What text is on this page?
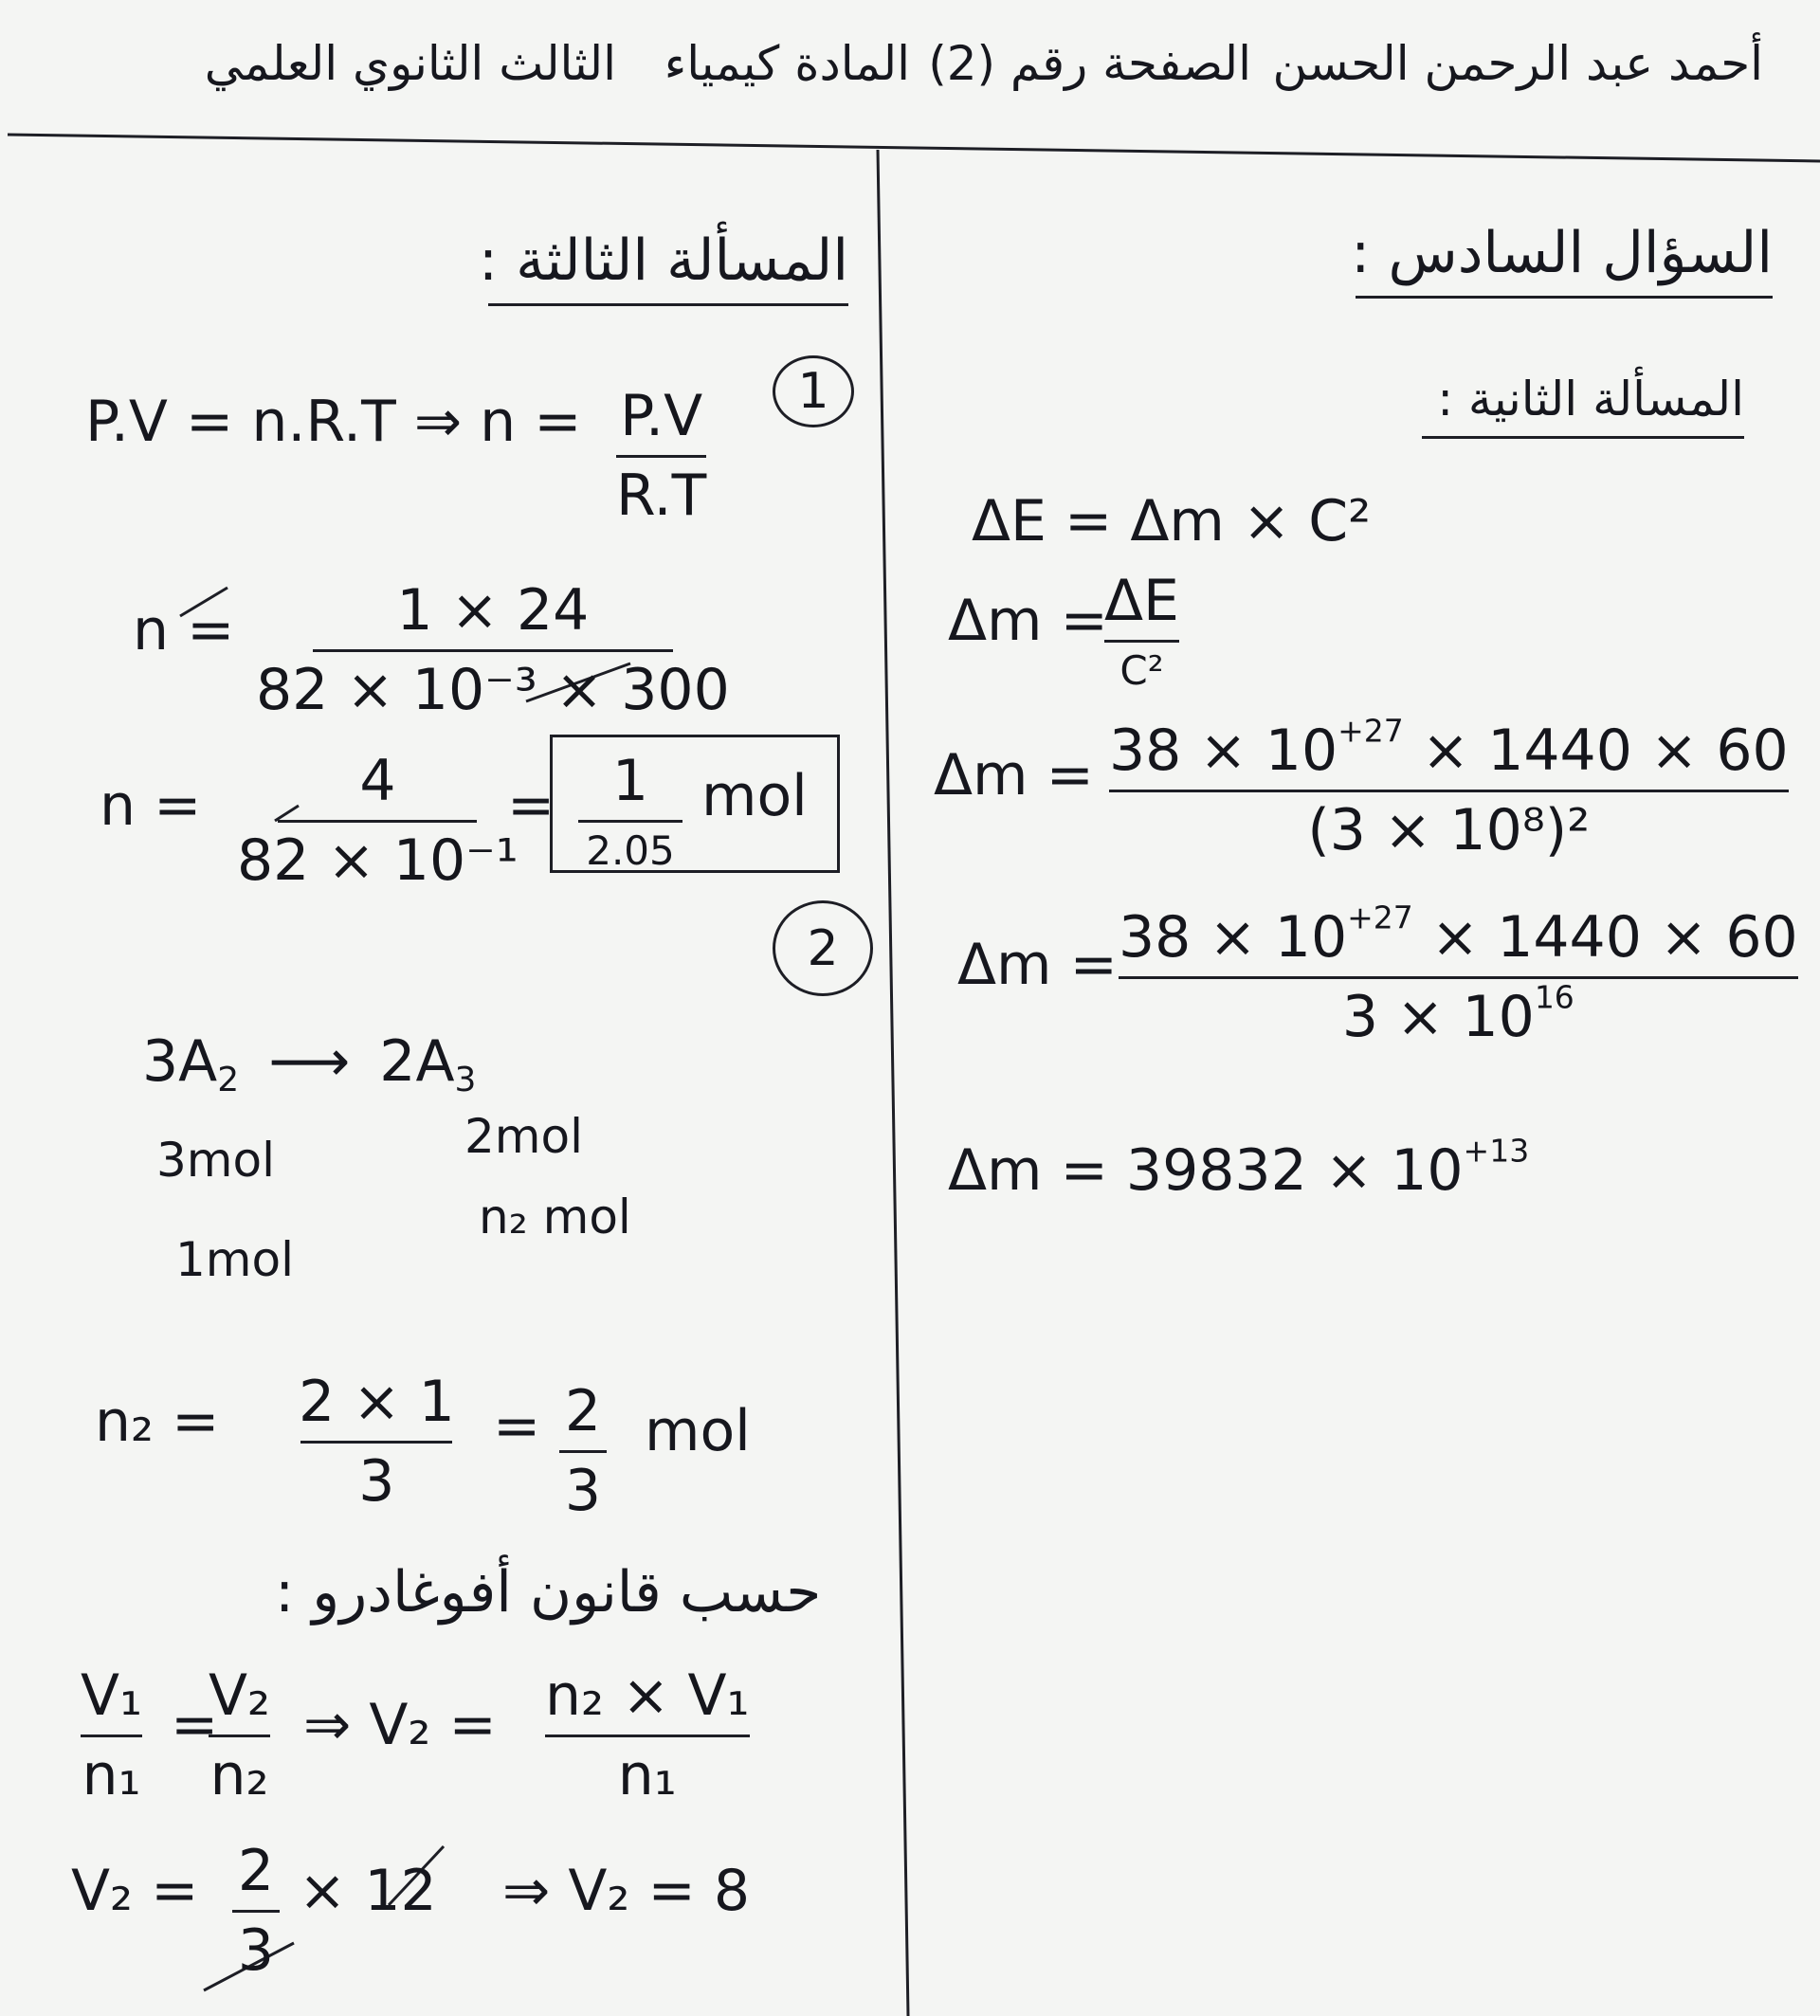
أحمد عبد الرحمن الحسن
الصفحة رقم (2)
المادة كيمياء
الثالث الثانوي العلمي
السؤال السادس :
المسألة الثانية :
ΔE = Δm × C²
Δm =
ΔE
C²
$\Delta m = 38 \times 10^{+27} \times 1440 \times 60$
(3 × 10⁸)²
$\Delta m = 38 \times 10^{+27} \times 1440 \times 60$
$3 \times 10^{16}$
$\Delta m = 39832 \times 10^{+13}$
المسألة الثالثة :
1
P.V = n.R.T ⇒ n = P.V
R.T
n =	1 × 24
82 × 10⁻³ × 300
n =	4
82 × 10⁻¹
= 1
2.05
mol
2
$3A_2$ ⟶ $2A_3$
3mol	2mol
1mol
n₂ mol
n₂ = 2 × 1
3
= 2
3
mol
حسب قانون أفوغادرو :
V₁
n₁
=
V₂
n₂
⇒ V₂ = n₂ × V₁
n₁
V₂ = 2
3
× 12 ⇒ V₂ = 8
